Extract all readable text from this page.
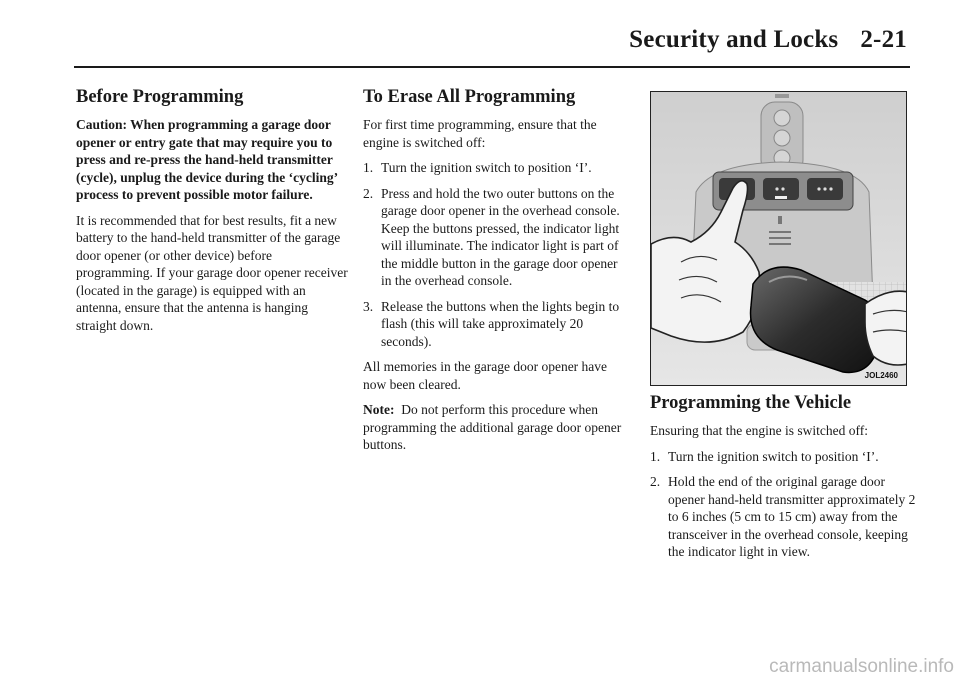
Security and Locks 2-21
Before Programming

Caution: When programming a garage door opener or entry gate that may require you to press and re-press the hand-held transmitter (cycle), unplug the device during the ‘cycling’ process to prevent possible motor failure.

It is recommended that for best results, fit a new battery to the hand-held transmitter of the garage door opener (or other device) before programming. If your garage door opener receiver (located in the garage) is equipped with an antenna, ensure that the antenna is hanging straight down.

To Erase All Programming

For first time programming, ensure that the engine is switched off:

1. Turn the ignition switch to position ‘I’.
2. Press and hold the two outer buttons on the garage door opener in the overhead console. Keep the buttons pressed, the indicator light will illuminate. The indicator light is part of the middle button in the garage door opener in the overhead console.
3. Release the buttons when the lights begin to flash (this will take approximately 20 seconds).

All memories in the garage door opener have now been cleared.

Note: Do not perform this procedure when programming the additional garage door opener buttons.

JOL2460
Programming the Vehicle

Ensuring that the engine is switched off:

1. Turn the ignition switch to position ‘I’.
2. Hold the end of the original garage door opener hand-held transmitter approximately 2 to 6 inches (5 cm to 15 cm) away from the transceiver in the overhead console, keeping the indicator light in view.
carmanualsonline.info
